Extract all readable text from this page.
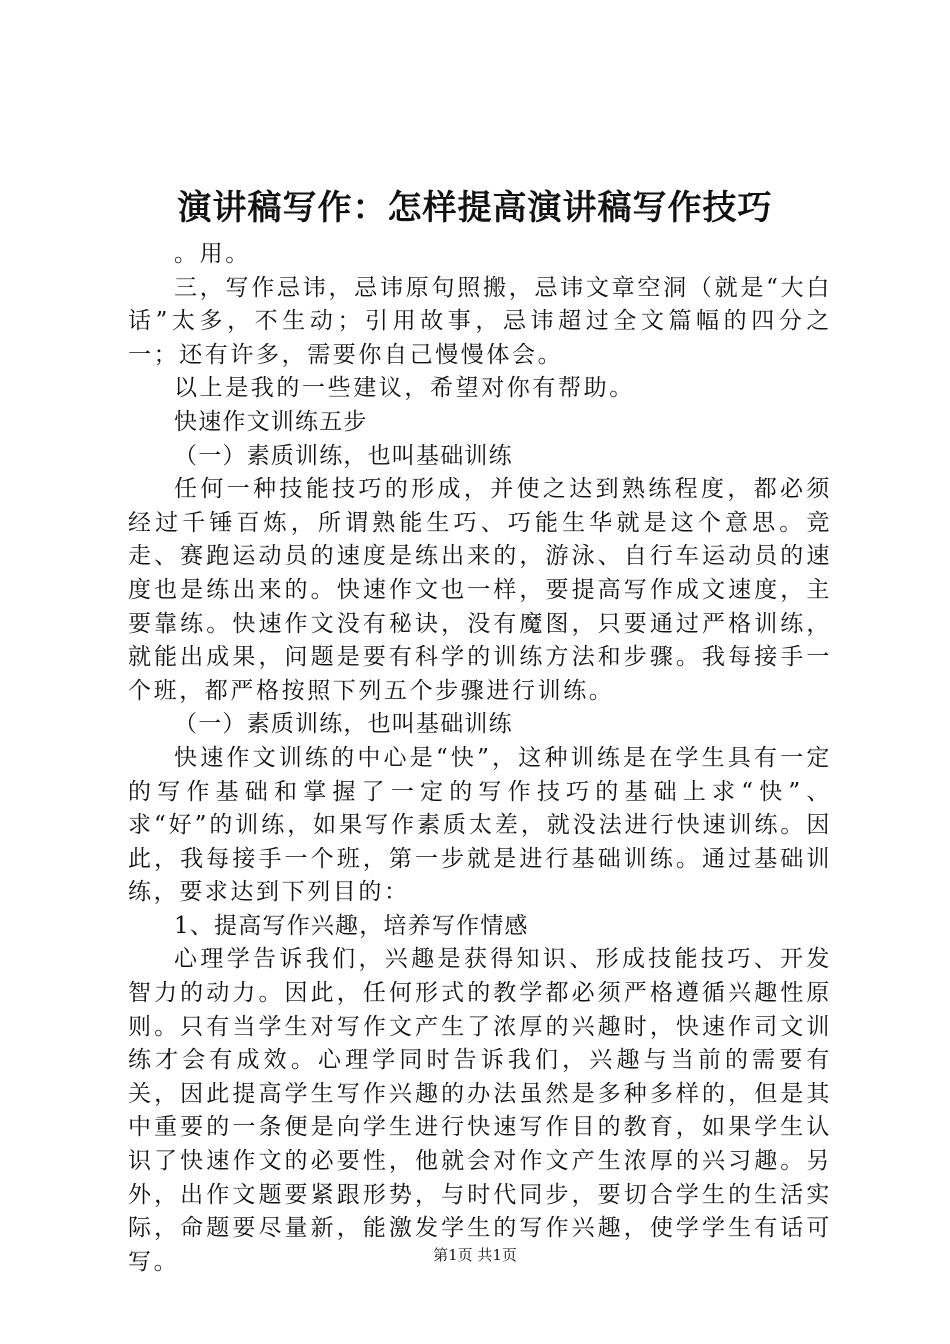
演讲稿写作：怎样提高演讲稿写作技巧

。用。

三，写作忌讳，忌讳原句照搬，忌讳文章空洞（就是“大白话”太多，不生动；引用故事，忌讳超过全文篇幅的四分之一；还有许多，需要你自己慢慢体会。

以上是我的一些建议，希望对你有帮助。

快速作文训练五步

（一）素质训练，也叫基础训练

任何一种技能技巧的形成，并使之达到熟练程度，都必须经过千锤百炼，所谓熟能生巧、巧能生华就是这个意思。竞走、赛跑运动员的速度是练出来的，游泳、自行车运动员的速度也是练出来的。快速作文也一样，要提高写作成文速度，主要靠练。快速作文没有秘诀，没有魔图，只要通过严格训练，就能出成果，问题是要有科学的训练方法和步骤。我每接手一个班，都严格按照下列五个步骤进行训练。

（一）素质训练，也叫基础训练

快速作文训练的中心是“快”，这种训练是在学生具有一定的写作基础和掌握了一定的写作技巧的基础上求“快”、求“好”的训练，如果写作素质太差，就没法进行快速训练。因此，我每接手一个班，第一步就是进行基础训练。通过基础训练，要求达到下列目的：

1、提高写作兴趣，培养写作情感

心理学告诉我们，兴趣是获得知识、形成技能技巧、开发智力的动力。因此，任何形式的教学都必须严格遵循兴趣性原则。只有当学生对写作文产生了浓厚的兴趣时，快速作司文训练才会有成效。心理学同时告诉我们，兴趣与当前的需要有关，因此提高学生写作兴趣的办法虽然是多种多样的，但是其中重要的一条便是向学生进行快速写作目的教育，如果学生认识了快速作文的必要性，他就会对作文产生浓厚的兴习趣。另外，出作文题要紧跟形势，与时代同步，要切合学生的生活实际，命题要尽量新，能激发学生的写作兴趣，使学学生有话可写。	第1页 共1页
